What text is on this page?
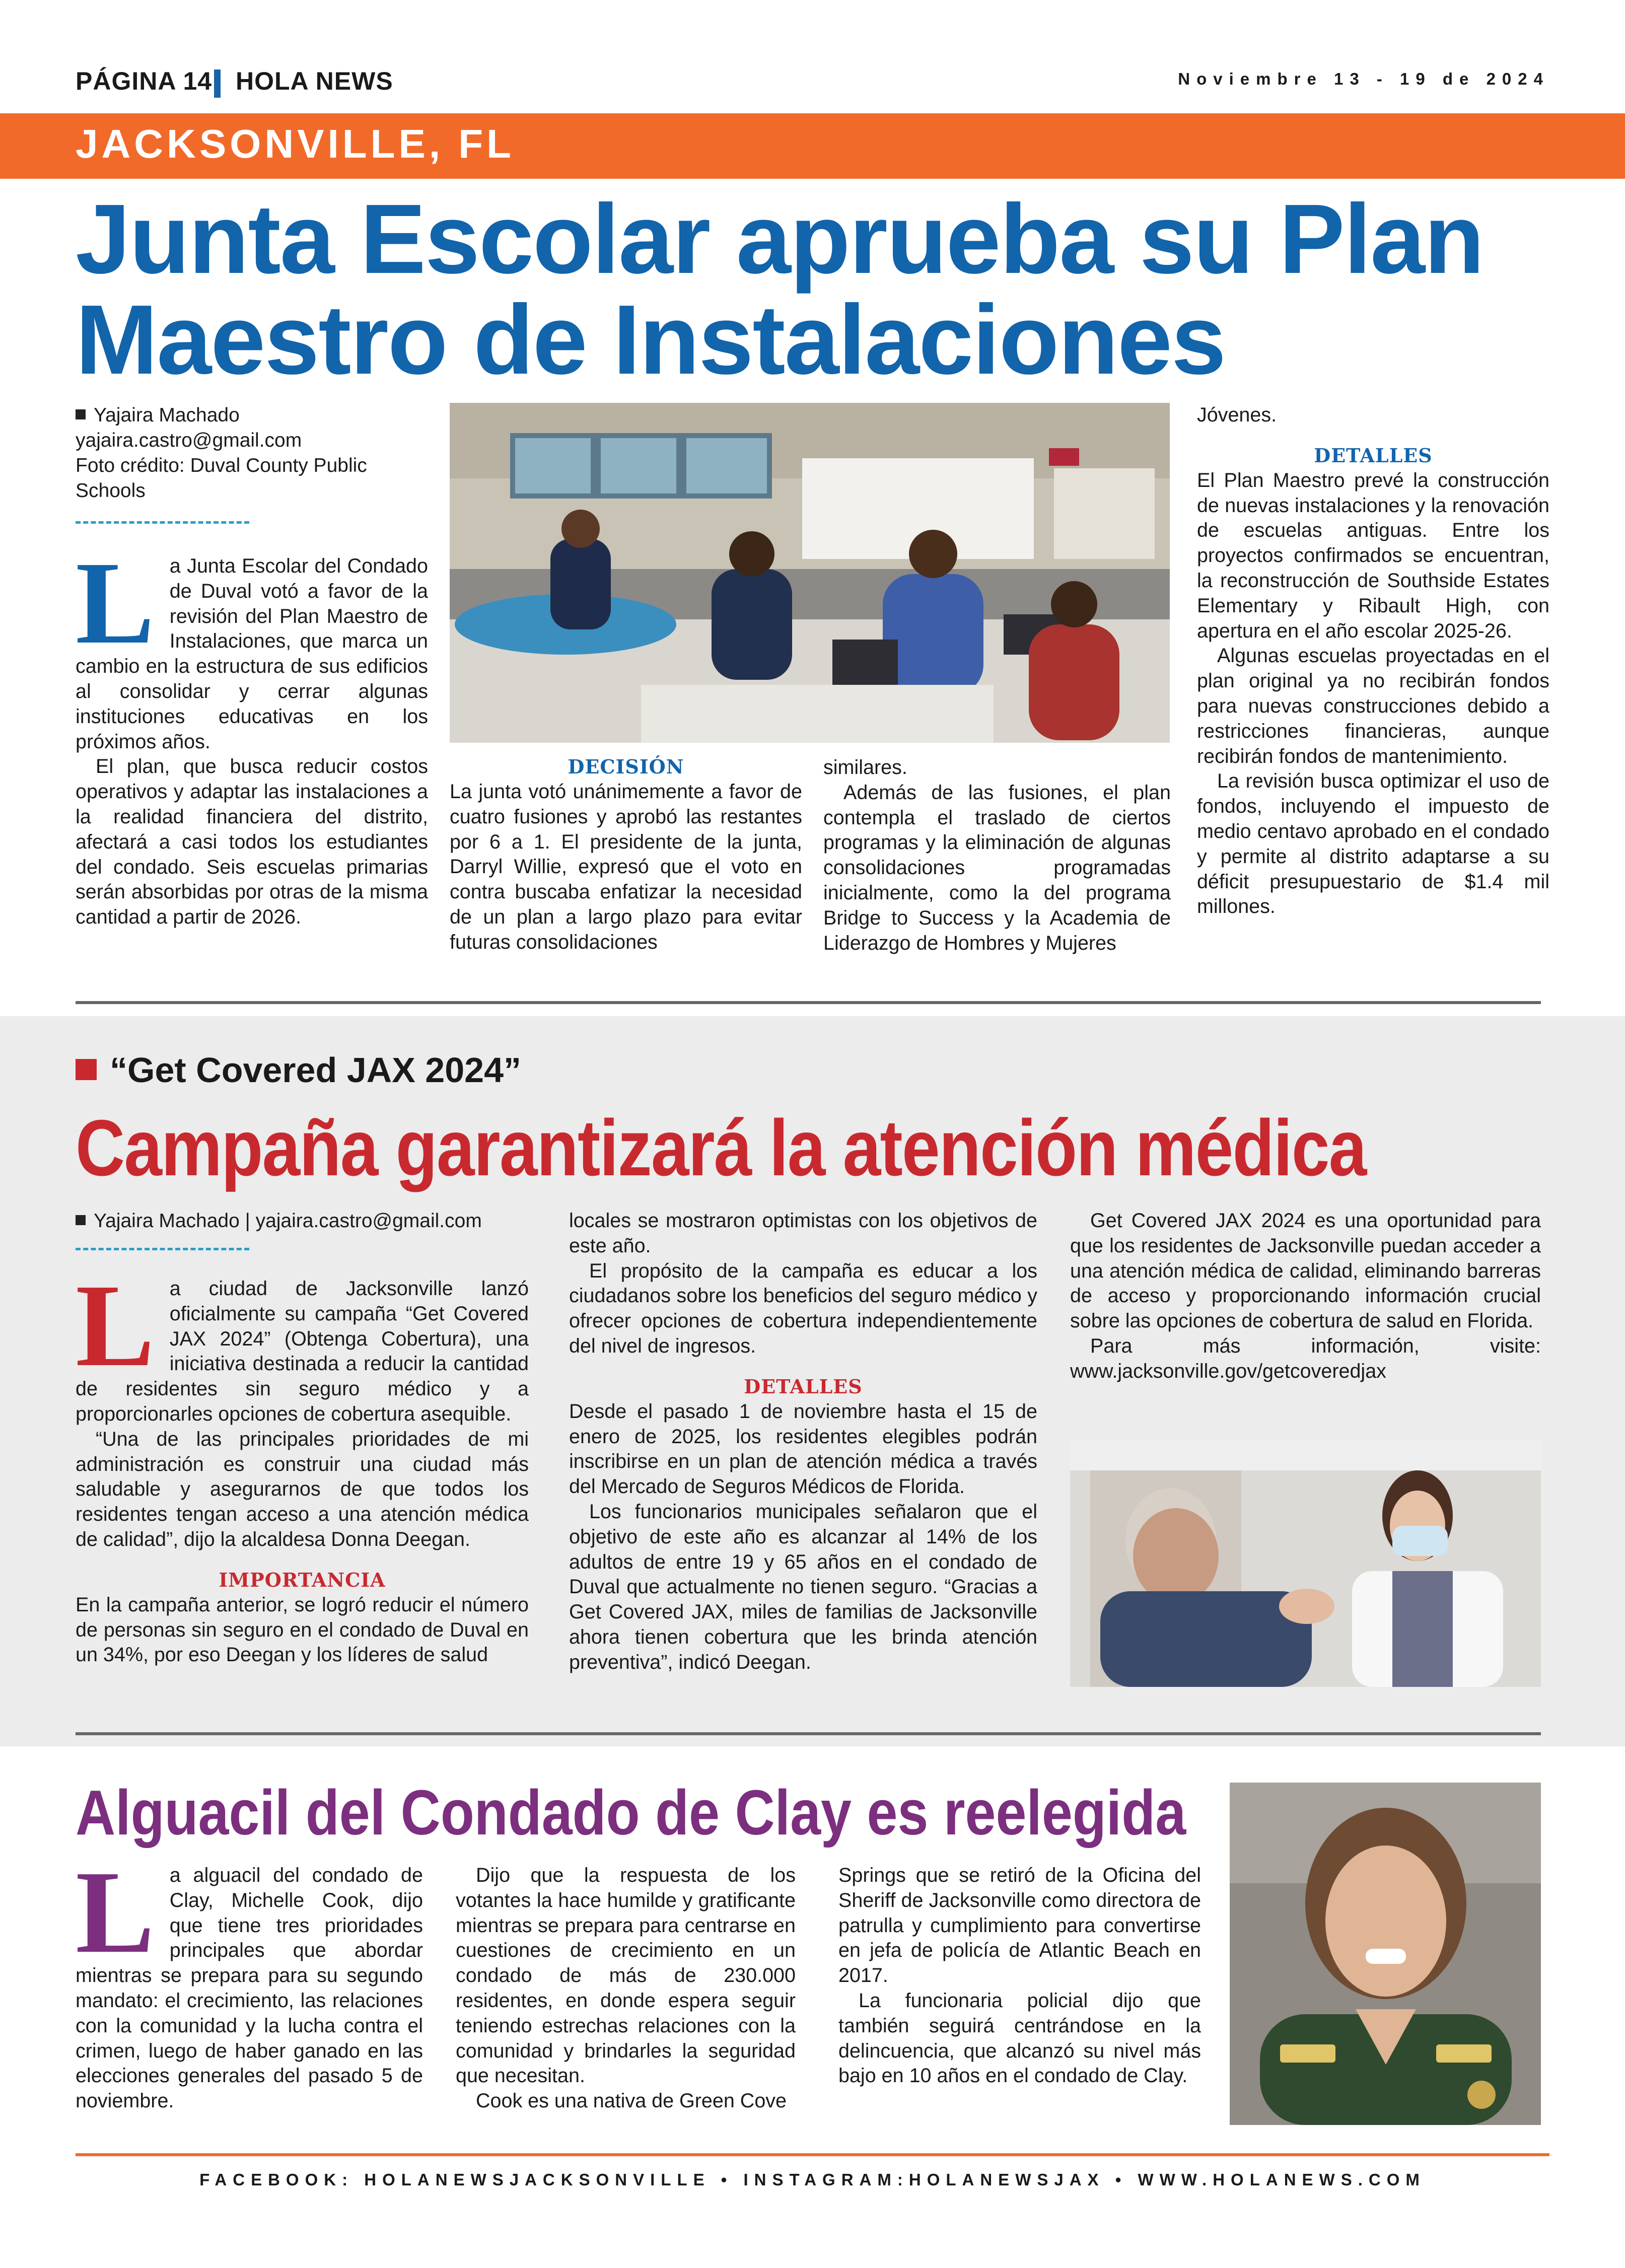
PÁGINA 14 HOLA NEWS	Noviembre 13 - 19 de 2024
JACKSONVILLE, FL
Junta Escolar aprueba su Plan Maestro de Instalaciones
Yajaira Machado
yajaira.castro@gmail.com
Foto crédito: Duval County Public Schools

La Junta Escolar del Condado de Duval votó a favor de la revisión del Plan Maestro de Instalaciones, que marca un cambio en la estructura de sus edificios al consolidar y cerrar algunas instituciones educativas en los próximos años.

El plan, que busca reducir costos operativos y adaptar las instalaciones a la realidad financiera del distrito, afectará a casi todos los estudiantes del condado. Seis escuelas primarias serán absorbidas por otras de la misma cantidad a partir de 2026.

DECISIÓN

La junta votó unánimemente a favor de cuatro fusiones y aprobó las restantes por 6 a 1. El presidente de la junta, Darryl Willie, expresó que el voto en contra buscaba enfatizar la necesidad de un plan a largo plazo para evitar futuras consolidaciones

similares.

Además de las fusiones, el plan contempla el traslado de ciertos programas y la eliminación de algunas consolidaciones programadas inicialmente, como la del programa Bridge to Success y la Academia de Liderazgo de Hombres y Mujeres

Jóvenes.

DETALLES

El Plan Maestro prevé la construcción de nuevas instalaciones y la renovación de escuelas antiguas. Entre los proyectos confirmados se encuentran, la reconstrucción de Southside Estates Elementary y Ribault High, con apertura en el año escolar 2025-26.

Algunas escuelas proyectadas en el plan original ya no recibirán fondos para nuevas construcciones debido a restricciones financieras, aunque recibirán fondos de mantenimiento.

La revisión busca optimizar el uso de fondos, incluyendo el impuesto de medio centavo aprobado en el condado y permite al distrito adaptarse a su déficit presupuestario de $1.4 mil millones.

“Get Covered JAX 2024”
Campaña garantizará la atención médica
Yajaira Machado | yajaira.castro@gmail.com

La ciudad de Jacksonville lanzó oficialmente su campaña “Get Covered JAX 2024” (Obtenga Cobertura), una iniciativa destinada a reducir la cantidad de residentes sin seguro médico y a proporcionarles opciones de cobertura asequible.

“Una de las principales prioridades de mi administración es construir una ciudad más saludable y asegurarnos de que todos los residentes tengan acceso a una atención médica de calidad”, dijo la alcaldesa Donna Deegan.

IMPORTANCIA

En la campaña anterior, se logró reducir el número de personas sin seguro en el condado de Duval en un 34%, por eso Deegan y los líderes de salud

locales se mostraron optimistas con los objetivos de este año.

El propósito de la campaña es educar a los ciudadanos sobre los beneficios del seguro médico y ofrecer opciones de cobertura independientemente del nivel de ingresos.

DETALLES

Desde el pasado 1 de noviembre hasta el 15 de enero de 2025, los residentes elegibles podrán inscribirse en un plan de atención médica a través del Mercado de Seguros Médicos de Florida.

Los funcionarios municipales señalaron que el objetivo de este año es alcanzar al 14% de los adultos de entre 19 y 65 años en el condado de Duval que actualmente no tienen seguro. “Gracias a Get Covered JAX, miles de familias de Jacksonville ahora tienen cobertura que les brinda atención preventiva”, indicó Deegan.

Get Covered JAX 2024 es una oportunidad para que los residentes de Jacksonville puedan acceder a una atención médica de calidad, eliminando barreras de acceso y proporcionando información crucial sobre las opciones de cobertura de salud en Florida.

Para más información, visite: www.jacksonville.gov/getcoveredjax

Alguacil del Condado de Clay es reelegida

La alguacil del condado de Clay, Michelle Cook, dijo que tiene tres prioridades principales que abordar mientras se prepara para su segundo mandato: el crecimiento, las relaciones con la comunidad y la lucha contra el crimen, luego de haber ganado en las elecciones generales del pasado 5 de noviembre.

Dijo que la respuesta de los votantes la hace humilde y gratificante mientras se prepara para centrarse en cuestiones de crecimiento en un condado de más de 230.000 residentes, en donde espera seguir teniendo estrechas relaciones con la comunidad y brindarles la seguridad que necesitan.

Cook es una nativa de Green Cove

Springs que se retiró de la Oficina del Sheriff de Jacksonville como directora de patrulla y cumplimiento para convertirse en jefa de policía de Atlantic Beach en 2017.

La funcionaria policial dijo que también seguirá centrándose en la delincuencia, que alcanzó su nivel más bajo en 10 años en el condado de Clay.

FACEBOOK: HOLANEWSJACKSONVILLE • INSTAGRAM:HOLANEWSJAX • WWW.HOLANEWS.COM
